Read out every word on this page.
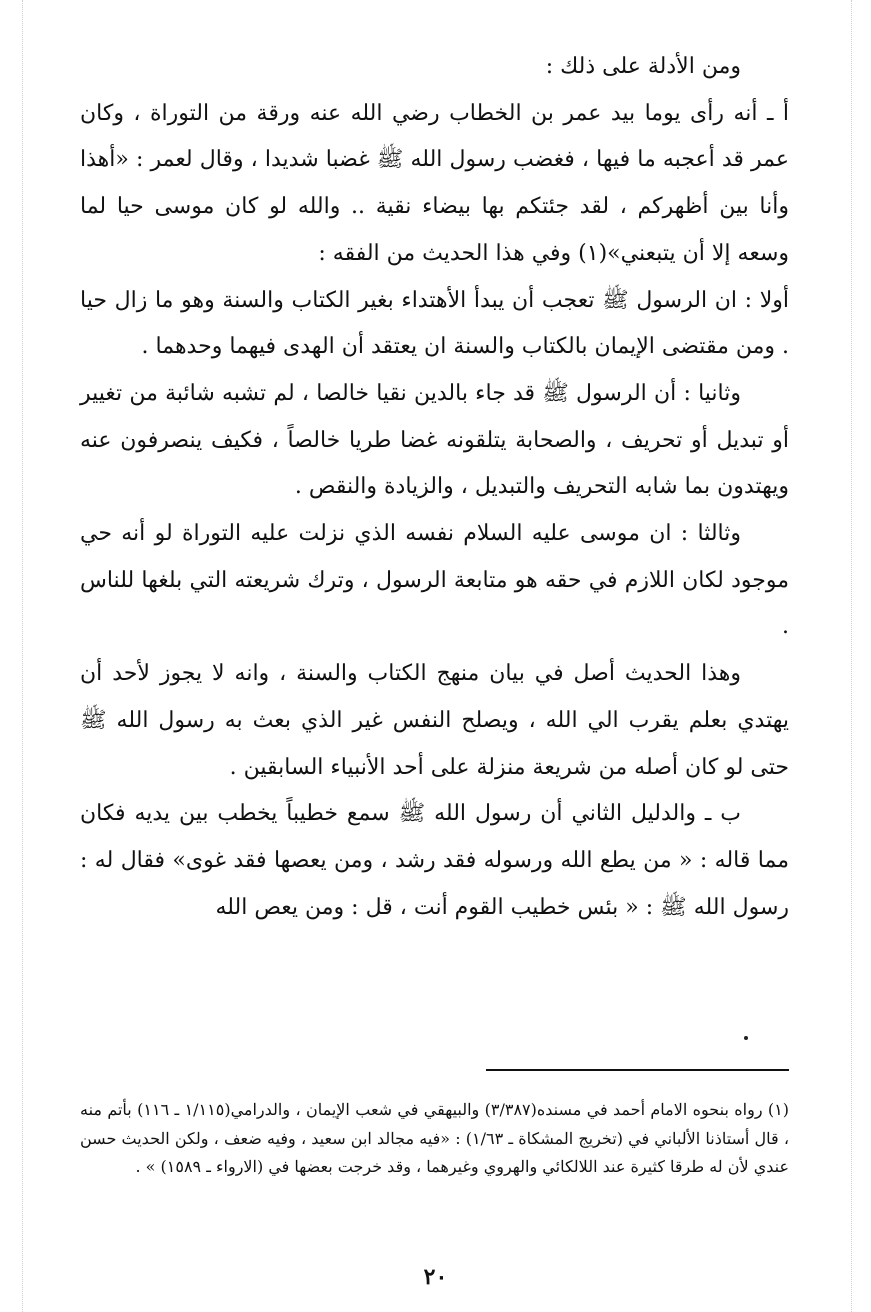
ومن الأدلة على ذلك :

أ ـ أنه رأى يوما بيد عمر بن الخطاب رضي الله عنه ورقة من التوراة ، وكان عمر قد أعجبه ما فيها ، فغضب رسول الله ﷺ غضبا شديدا ، وقال لعمر : «أهذا وأنا بين أظهركم ، لقد جئتكم بها بيضاء نقية .. والله لو كان موسى حيا لما وسعه إلا أن يتبعني»(١) وفي هذا الحديث من الفقه :

أولا : ان الرسول ﷺ تعجب أن يبدأ الأهتداء بغير الكتاب والسنة وهو ما زال حيا . ومن مقتضى الإيمان بالكتاب والسنة ان يعتقد أن الهدى فيهما وحدهما .

وثانيا : أن الرسول ﷺ قد جاء بالدين نقيا خالصا ، لم تشبه شائبة من تغيير أو تبديل أو تحريف ، والصحابة يتلقونه غضا طريا خالصاً ، فكيف ينصرفون عنه ويهتدون بما شابه التحريف والتبديل ، والزيادة والنقص .

وثالثا : ان موسى عليه السلام نفسه الذي نزلت عليه التوراة لو أنه حي موجود لكان اللازم في حقه هو متابعة الرسول ، وترك شريعته التي بلغها للناس .

وهذا الحديث أصل في بيان منهج الكتاب والسنة ، وانه لا يجوز لأحد أن يهتدي بعلم يقرب الي الله ، ويصلح النفس غير الذي بعث به رسول الله ﷺ حتى لو كان أصله من شريعة منزلة على أحد الأنبياء السابقين .

ب ـ والدليل الثاني أن رسول الله ﷺ سمع خطيباً يخطب بين يديه فكان مما قاله : « من يطع الله ورسوله فقد رشد ، ومن يعصها فقد غوى» فقال له : رسول الله ﷺ : « بئس خطيب القوم أنت ، قل : ومن يعص الله

(١) رواه بنحوه الامام أحمد في مسنده(٣/٣٨٧) والبيهقي في شعب الإيمان ، والدرامي(١/١١٥ ـ ١١٦) بأتم منه ، قال أستاذنا الألباني في (تخريج المشكاة ـ ١/٦٣) : «فيه مجالد ابن سعيد ، وفيه ضعف ، ولكن الحديث حسن عندي لأن له طرقا كثيرة عند اللالكائي والهروي وغيرهما ، وقد خرجت بعضها في (الارواء ـ ١٥٨٩) » .

٢٠
